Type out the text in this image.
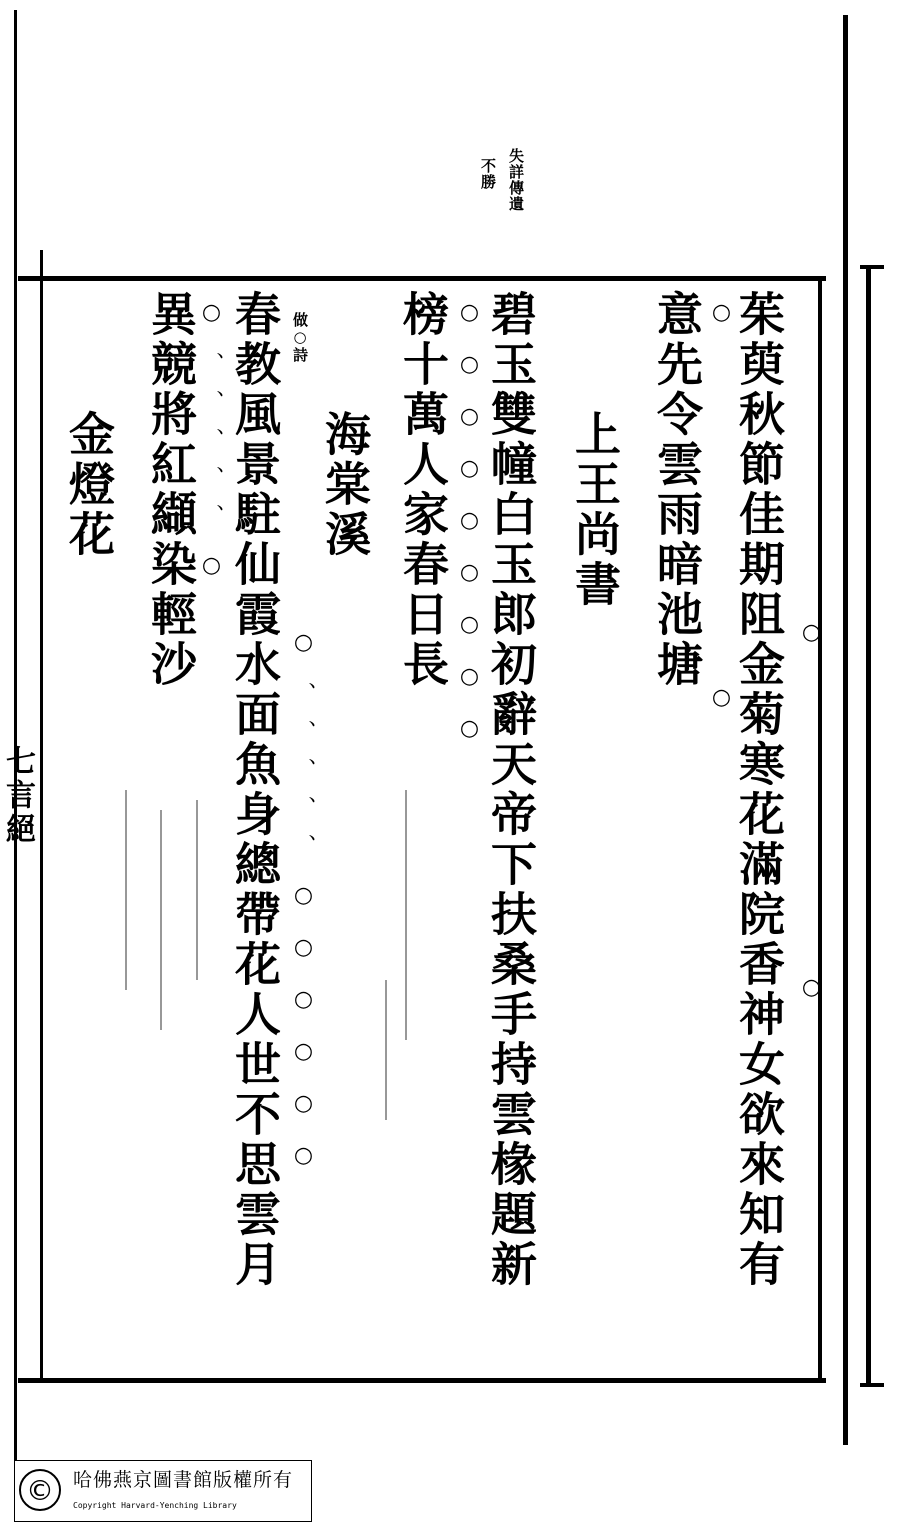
失詳傳遺
不勝
茱萸秋節佳期阻金菊寒花滿院香神女欲來知有
意先令雲雨暗池塘
上王尚書
碧玉雙幢白玉郎初辭天帝下扶桑手持雲椽題新
榜十萬人家春日長
海棠溪
春教風景駐仙霞水面魚身總帶花人世不思雲月
異競將紅纈染輕沙
金燈花
做○詩
七言絕
○○○○○○○○○
○、、、、、○
○、、、、、○○○○○○	○○
○○
©	哈佛燕京圖書館版權所有
Copyright Harvard-Yenching Library
